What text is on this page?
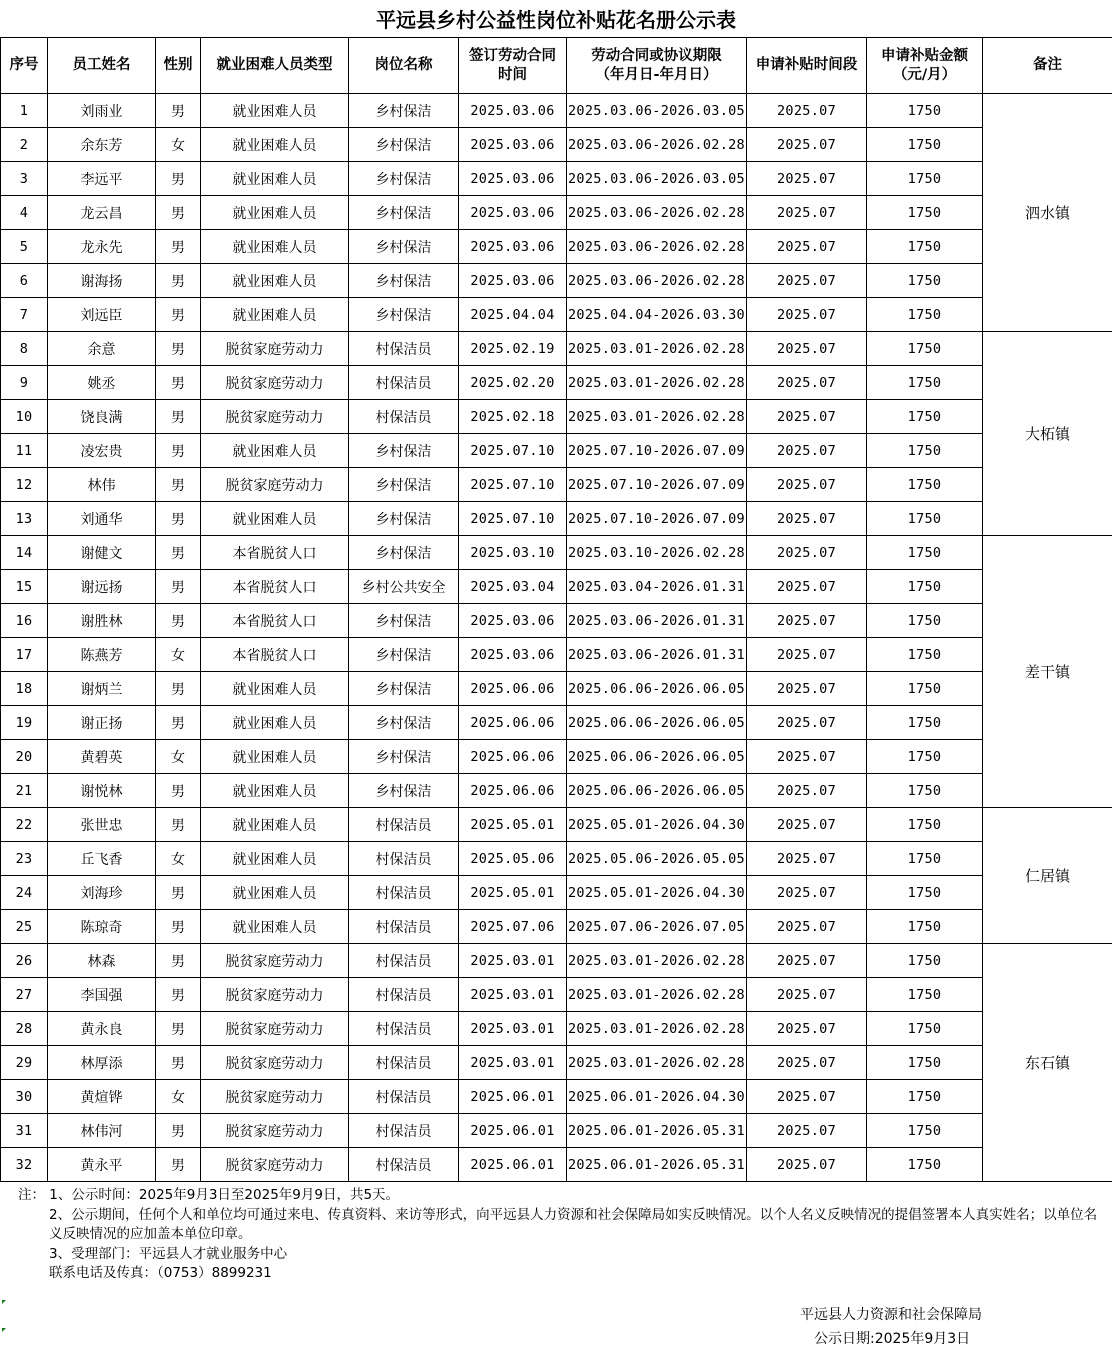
平远县乡村公益性岗位补贴花名册公示表
序号	员工姓名	性别	就业困难人员类型	岗位名称	签订劳动合同时间	劳动合同或协议期限（年月日-年月日）	申请补贴时间段	申请补贴金额（元/月）	备注

1	刘雨业	男	就业困难人员	乡村保洁	2025.03.06	2025.03.06-2026.03.05	2025.07	1750	泗水镇
2	余东芳	女	就业困难人员	乡村保洁	2025.03.06	2025.03.06-2026.02.28	2025.07	1750	
3	李远平	男	就业困难人员	乡村保洁	2025.03.06	2025.03.06-2026.03.05	2025.07	1750	
4	龙云昌	男	就业困难人员	乡村保洁	2025.03.06	2025.03.06-2026.02.28	2025.07	1750	
5	龙永先	男	就业困难人员	乡村保洁	2025.03.06	2025.03.06-2026.02.28	2025.07	1750	
6	谢海扬	男	就业困难人员	乡村保洁	2025.03.06	2025.03.06-2026.02.28	2025.07	1750	
7	刘远臣	男	就业困难人员	乡村保洁	2025.04.04	2025.04.04-2026.03.30	2025.07	1750	
8	余意	男	脱贫家庭劳动力	村保洁员	2025.02.19	2025.03.01-2026.02.28	2025.07	1750	大柘镇
9	姚丞	男	脱贫家庭劳动力	村保洁员	2025.02.20	2025.03.01-2026.02.28	2025.07	1750	
10	饶良满	男	脱贫家庭劳动力	村保洁员	2025.02.18	2025.03.01-2026.02.28	2025.07	1750	
11	凌宏贵	男	就业困难人员	乡村保洁	2025.07.10	2025.07.10-2026.07.09	2025.07	1750	
12	林伟	男	脱贫家庭劳动力	乡村保洁	2025.07.10	2025.07.10-2026.07.09	2025.07	1750	
13	刘通华	男	就业困难人员	乡村保洁	2025.07.10	2025.07.10-2026.07.09	2025.07	1750	
14	谢健文	男	本省脱贫人口	乡村保洁	2025.03.10	2025.03.10-2026.02.28	2025.07	1750	差干镇
15	谢远扬	男	本省脱贫人口	乡村公共安全	2025.03.04	2025.03.04-2026.01.31	2025.07	1750	
16	谢胜林	男	本省脱贫人口	乡村保洁	2025.03.06	2025.03.06-2026.01.31	2025.07	1750	
17	陈燕芳	女	本省脱贫人口	乡村保洁	2025.03.06	2025.03.06-2026.01.31	2025.07	1750	
18	谢炳兰	男	就业困难人员	乡村保洁	2025.06.06	2025.06.06-2026.06.05	2025.07	1750	
19	谢正扬	男	就业困难人员	乡村保洁	2025.06.06	2025.06.06-2026.06.05	2025.07	1750	
20	黄碧英	女	就业困难人员	乡村保洁	2025.06.06	2025.06.06-2026.06.05	2025.07	1750	
21	谢悦林	男	就业困难人员	乡村保洁	2025.06.06	2025.06.06-2026.06.05	2025.07	1750	
22	张世忠	男	就业困难人员	村保洁员	2025.05.01	2025.05.01-2026.04.30	2025.07	1750	仁居镇
23	丘飞香	女	就业困难人员	村保洁员	2025.05.06	2025.05.06-2026.05.05	2025.07	1750	
24	刘海珍	男	就业困难人员	村保洁员	2025.05.01	2025.05.01-2026.04.30	2025.07	1750	
25	陈琼奇	男	就业困难人员	村保洁员	2025.07.06	2025.07.06-2026.07.05	2025.07	1750	
26	林森	男	脱贫家庭劳动力	村保洁员	2025.03.01	2025.03.01-2026.02.28	2025.07	1750	东石镇
27	李国强	男	脱贫家庭劳动力	村保洁员	2025.03.01	2025.03.01-2026.02.28	2025.07	1750	
28	黄永良	男	脱贫家庭劳动力	村保洁员	2025.03.01	2025.03.01-2026.02.28	2025.07	1750	
29	林厚添	男	脱贫家庭劳动力	村保洁员	2025.03.01	2025.03.01-2026.02.28	2025.07	1750	
30	黄煊铧	女	脱贫家庭劳动力	村保洁员	2025.06.01	2025.06.01-2026.04.30	2025.07	1750	
31	林伟河	男	脱贫家庭劳动力	村保洁员	2025.06.01	2025.06.01-2026.05.31	2025.07	1750	
32	黄永平	男	脱贫家庭劳动力	村保洁员	2025.06.01	2025.06.01-2026.05.31	2025.07	1750	
注： 1、公示时间：2025年9月3日至2025年9月9日，共5天。
2、公示期间，任何个人和单位均可通过来电、传真资料、来访等形式，向平远县人力资源和社会保障局如实反映情况。以个人名义反映情况的提倡签署本人真实姓名；以单位名义反映情况的应加盖本单位印章。
3、受理部门：平远县人才就业服务中心
联系电话及传真：（0753）8899231
平远县人力资源和社会保障局
公示日期:2025年9月3日
